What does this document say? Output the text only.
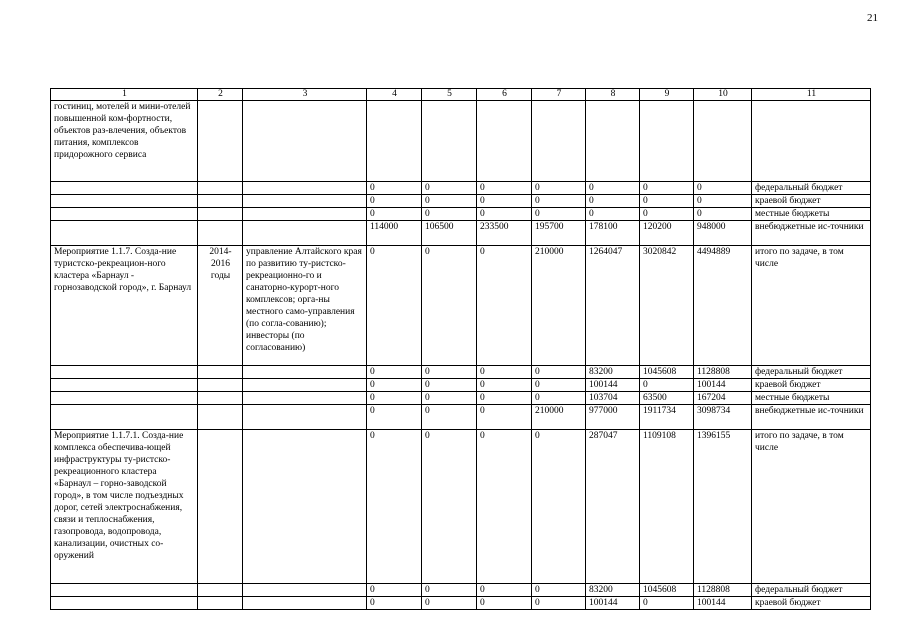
21
1	2	3	4	5	6	7	8	9	10	11
гостиниц, мотелей и мини-отелей повышенной ком-фортности, объектов раз-влечения, объектов питания, комплексов придорожного сервиса										
			0	0	0	0	0	0	0	федеральный бюджет
			0	0	0	0	0	0	0	краевой бюджет
			0	0	0	0	0	0	0	местные бюджеты
			114000	106500	233500	195700	178100	120200	948000	внебюджетные ис-точники
Мероприятие 1.1.7. Созда-ние туристско-рекреацион-ного кластера «Барнаул - горнозаводской город», г. Барнаул	2014-2016 годы	управление Алтайского края по развитию ту-ристско-рекреационно-го и санаторно-курорт-ного комплексов; орга-ны местного само-управления (по согла-сованию); инвесторы (по согласованию)	0	0	0	210000	1264047	3020842	4494889	итого по задаче, в том числе
			0	0	0	0	83200	1045608	1128808	федеральный бюджет
			0	0	0	0	100144	0	100144	краевой бюджет
			0	0	0	0	103704	63500	167204	местные бюджеты
			0	0	0	210000	977000	1911734	3098734	внебюджетные ис-точники
Мероприятие 1.1.7.1. Созда-ние комплекса обеспечива-ющей инфраструктуры ту-ристско-рекреационного кластера «Барнаул – горно-заводской город», в том числе подъездных дорог, сетей электроснабжения, связи и теплоснабжения, газопровода, водопровода, канализации, очистных со-оружений			0	0	0	0	287047	1109108	1396155	итого по задаче, в том числе
			0	0	0	0	83200	1045608	1128808	федеральный бюджет
			0	0	0	0	100144	0	100144	краевой бюджет
